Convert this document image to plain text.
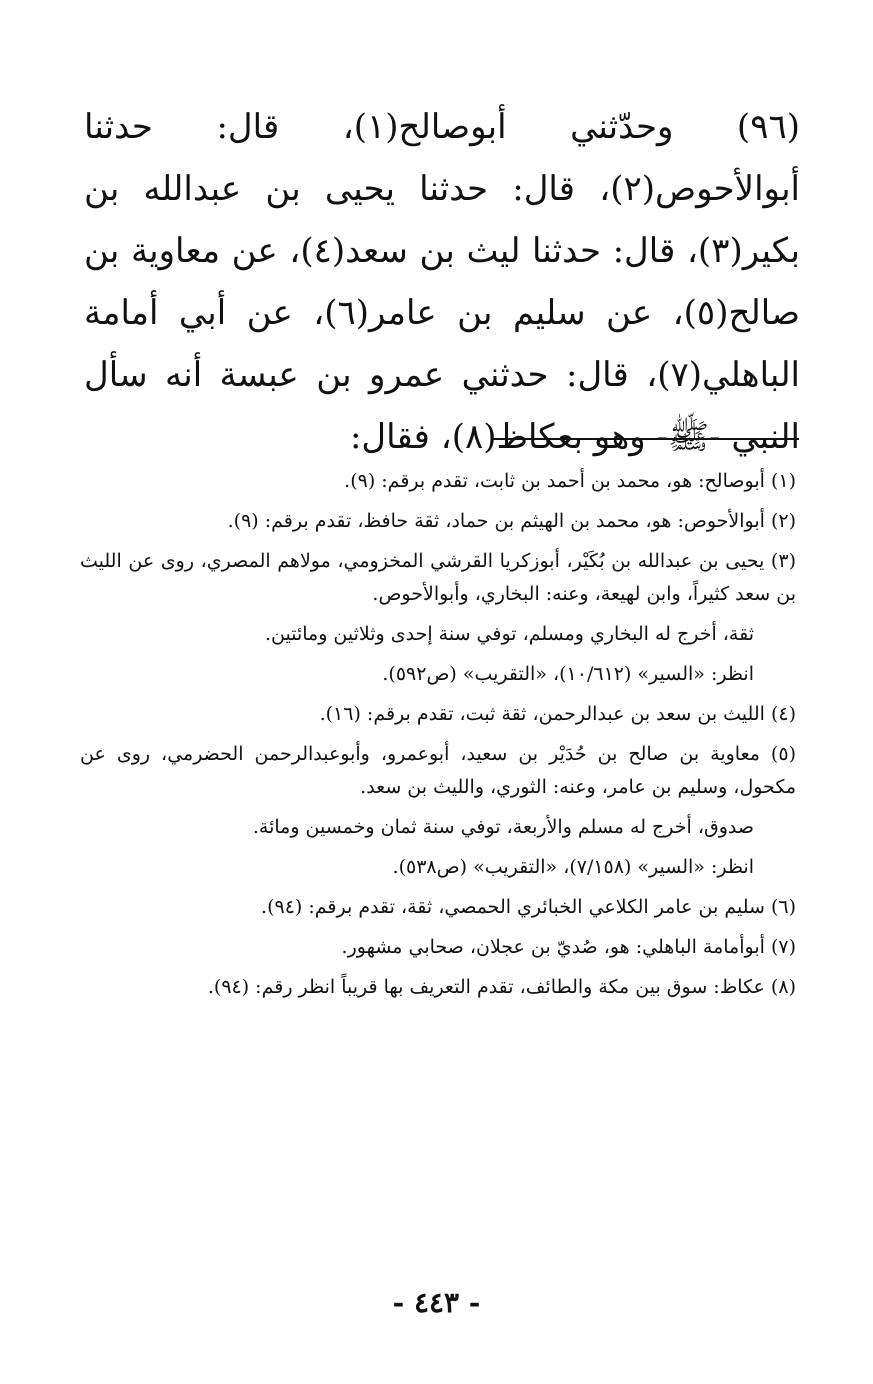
(٩٦) وحدّثني أبوصالح(١)، قال: حدثنا أبوالأحوص(٢)، قال: حدثنا يحيى بن عبدالله بن بكير(٣)، قال: حدثنا ليث بن سعد(٤)، عن معاوية بن صالح(٥)، عن سليم بن عامر(٦)، عن أبي أمامة الباهلي(٧)، قال: حدثني عمرو بن عبسة أنه سأل النبي -ﷺ- وهو بعكاظ(٨)، فقال:
(١) أبوصالح: هو، محمد بن أحمد بن ثابت، تقدم برقم: (٩).
(٢) أبوالأحوص: هو، محمد بن الهيثم بن حماد، ثقة حافظ، تقدم برقم: (٩).
(٣) يحيى بن عبدالله بن بُكَيْر، أبوزكريا القرشي المخزومي، مولاهم المصري، روى عن الليث بن سعد كثيراً، وابن لهيعة، وعنه: البخاري، وأبوالأحوص.
ثقة، أخرج له البخاري ومسلم، توفي سنة إحدى وثلاثين ومائتين.
انظر: «السير» (١٠/٦١٢)، «التقريب» (ص٥٩٢).
(٤) الليث بن سعد بن عبدالرحمن، ثقة ثبت، تقدم برقم: (١٦).
(٥) معاوية بن صالح بن حُدَيْر بن سعيد، أبوعمرو، وأبوعبدالرحمن الحضرمي، روى عن مكحول، وسليم بن عامر، وعنه: الثوري، والليث بن سعد.
صدوق، أخرج له مسلم والأربعة، توفي سنة ثمان وخمسين ومائة.
انظر: «السير» (٧/١٥٨)، «التقريب» (ص٥٣٨).
(٦) سليم بن عامر الكلاعي الخبائري الحمصي، ثقة، تقدم برقم: (٩٤).
(٧) أبوأمامة الباهلي: هو، صُديّ بن عجلان، صحابي مشهور.
(٨) عكاظ: سوق بين مكة والطائف، تقدم التعريف بها قريباً انظر رقم: (٩٤).
- ٤٤٣ -
